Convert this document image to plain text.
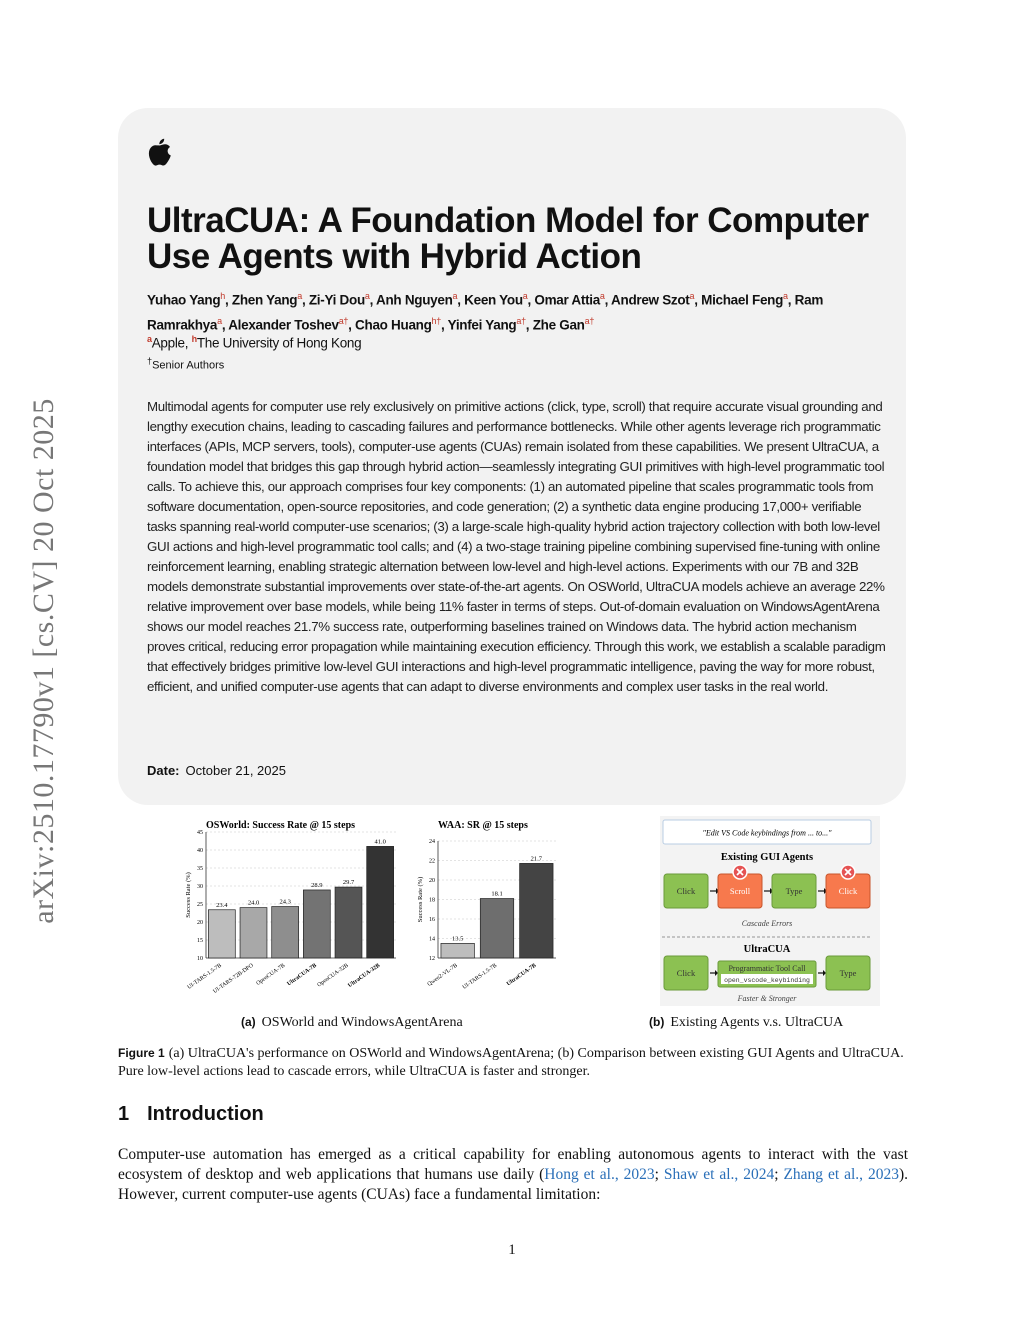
arXiv:2510.17790v1 [cs.CV] 20 Oct 2025
UltraCUA: A Foundation Model for Computer Use Agents with Hybrid Action
Yuhao Yang$^h$, Zhen Yang$^a$, Zi-Yi Dou$^a$, Anh Nguyen$^a$, Keen You$^a$, Omar Attia$^a$, Andrew Szot$^a$, Michael Feng$^a$, Ram Ramrakhya$^a$, Alexander Toshev$^{a\dagger}$, Chao Huang$^{h\dagger}$, Yinfei Yang$^{a\dagger}$, Zhe Gan$^{a\dagger}$
$^a$Apple, $^h$The University of Hong Kong
†Senior Authors

Multimodal agents for computer use rely exclusively on primitive actions (click, type, scroll) that require accurate visual grounding and lengthy execution chains, leading to cascading failures and performance bottlenecks. While other agents leverage rich programmatic interfaces (APIs, MCP servers, tools), computer-use agents (CUAs) remain isolated from these capabilities. We present UltraCUA, a foundation model that bridges this gap through hybrid action—seamlessly integrating GUI primitives with high-level programmatic tool calls. To achieve this, our approach comprises four key components: (1) an automated pipeline that scales programmatic tools from software documentation, open-source repositories, and code generation; (2) a synthetic data engine producing 17,000+ verifiable tasks spanning real-world computer-use scenarios; (3) a large-scale high-quality hybrid action trajectory collection with both low-level GUI actions and high-level programmatic tool calls; and (4) a two-stage training pipeline combining supervised fine-tuning with online reinforcement learning, enabling strategic alternation between low-level and high-level actions. Experiments with our 7B and 32B models demonstrate substantial improvements over state-of-the-art agents. On OSWorld, UltraCUA models achieve an average 22% relative improvement over base models, while being 11% faster in terms of steps. Out-of-domain evaluation on WindowsAgentArena shows our model reaches 21.7% success rate, outperforming baselines trained on Windows data. The hybrid action mechanism proves critical, reducing error propagation while maintaining execution efficiency. Through this work, we establish a scalable paradigm that effectively bridges primitive low-level GUI interactions and high-level programmatic intelligence, paving the way for more robust, efficient, and unified computer-use agents that can adapt to diverse environments and complex user tasks in the real world.

Date: October 21, 2025
OSWorld: Success Rate @ 15 steps
Success Rate (%)
10
15
20
25
30
35
40
45
23.4
UI-TARS-1.5-7B
24.0
UI-TARS-72B-DPO
24.3
OpenCUA-7B
28.9
UltraCUA-7B
29.7
OpenCUA-32B
41.0
UltraCUA-32B
WAA: SR @ 15 steps
Success Rate (%)
12
14
16
18
20
22
24
13.5
Qwen2-VL-7B
18.1
UI-TARS-1.5-7B
21.7
UltraCUA-7B
"Edit VS Code keybindings from ... to..."
Existing GUI Agents
Click	Scroll	Type	Click
Cascade Errors
UltraCUA
Click	Programmatic Tool Call
open_vscode_keybinding
Type
Faster & Stronger
(a) OSWorld and WindowsAgentArena	(b) Existing Agents v.s. UltraCUA
Figure 1 (a) UltraCUA's performance on OSWorld and WindowsAgentArena; (b) Comparison between existing GUI Agents and UltraCUA. Pure low-level actions lead to cascade errors, while UltraCUA is faster and stronger.
1 Introduction

Computer-use automation has emerged as a critical capability for enabling autonomous agents to interact with the vast ecosystem of desktop and web applications that humans use daily (Hong et al., 2023; Shaw et al., 2024; Zhang et al., 2023). However, current computer-use agents (CUAs) face a fundamental limitation:

1
